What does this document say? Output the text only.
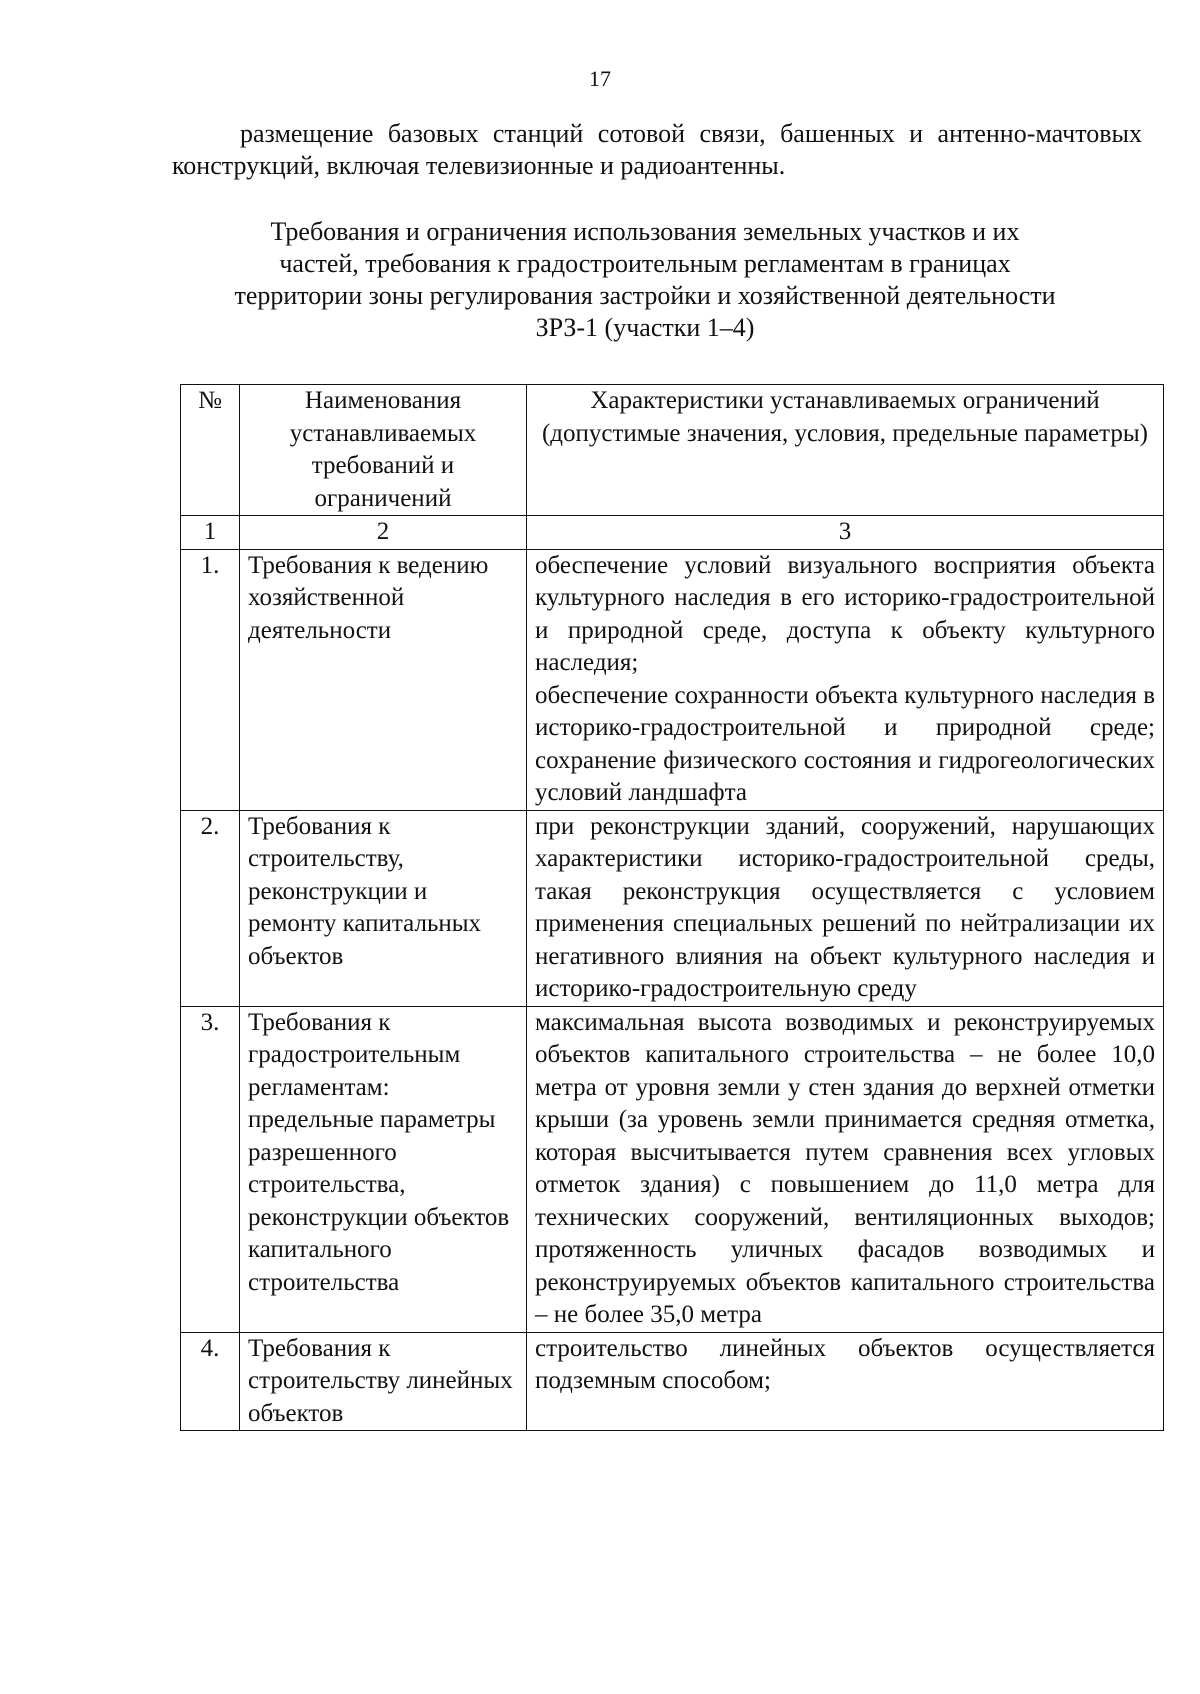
17
размещение базовых станций сотовой связи, башенных и антенно-мачтовых конструкций, включая телевизионные и радиоантенны.
Требования и ограничения использования земельных участков и их
частей, требования к градостроительным регламентам в границах
территории зоны регулирования застройки и хозяйственной деятельности
ЗРЗ-1 (участки 1–4)
№	Наименования устанавливаемых требований и ограничений	Характеристики устанавливаемых ограничений (допустимые значения, условия, предельные параметры)
1	2	3
1.	Требования к ведению хозяйственной деятельности	обеспечение условий визуального восприятия объекта культурного наследия в его историко-градостроительной и природной среде, доступа к объекту культурного наследия;
обеспечение сохранности объекта культурного наследия в историко-градостроительной и природной среде;
сохранение физического состояния и гидрогеологических условий ландшафта

2.	Требования к строительству, реконструкции и ремонту капитальных объектов	при реконструкции зданий, сооружений, нарушающих характеристики историко-градостроительной среды, такая реконструкция осуществляется с условием применения специальных решений по нейтрализации их негативного влияния на объект культурного наследия и историко-градостроительную среду

3.	Требования к градостроительным регламентам: предельные параметры разрешенного строительства, реконструкции объектов капитального строительства	максимальная высота возводимых и реконструируемых объектов капитального строительства – не более 10,0 метра от уровня земли у стен здания до верхней отметки крыши (за уровень земли принимается средняя отметка, которая высчитывается путем сравнения всех угловых отметок здания) с повышением до 11,0 метра для технических сооружений, вентиляционных выходов;
протяженность уличных фасадов возводимых и реконструируемых объектов капитального строительства – не более 35,0 метра

4.	Требования к строительству линейных объектов	строительство линейных объектов осуществляется подземным способом;
